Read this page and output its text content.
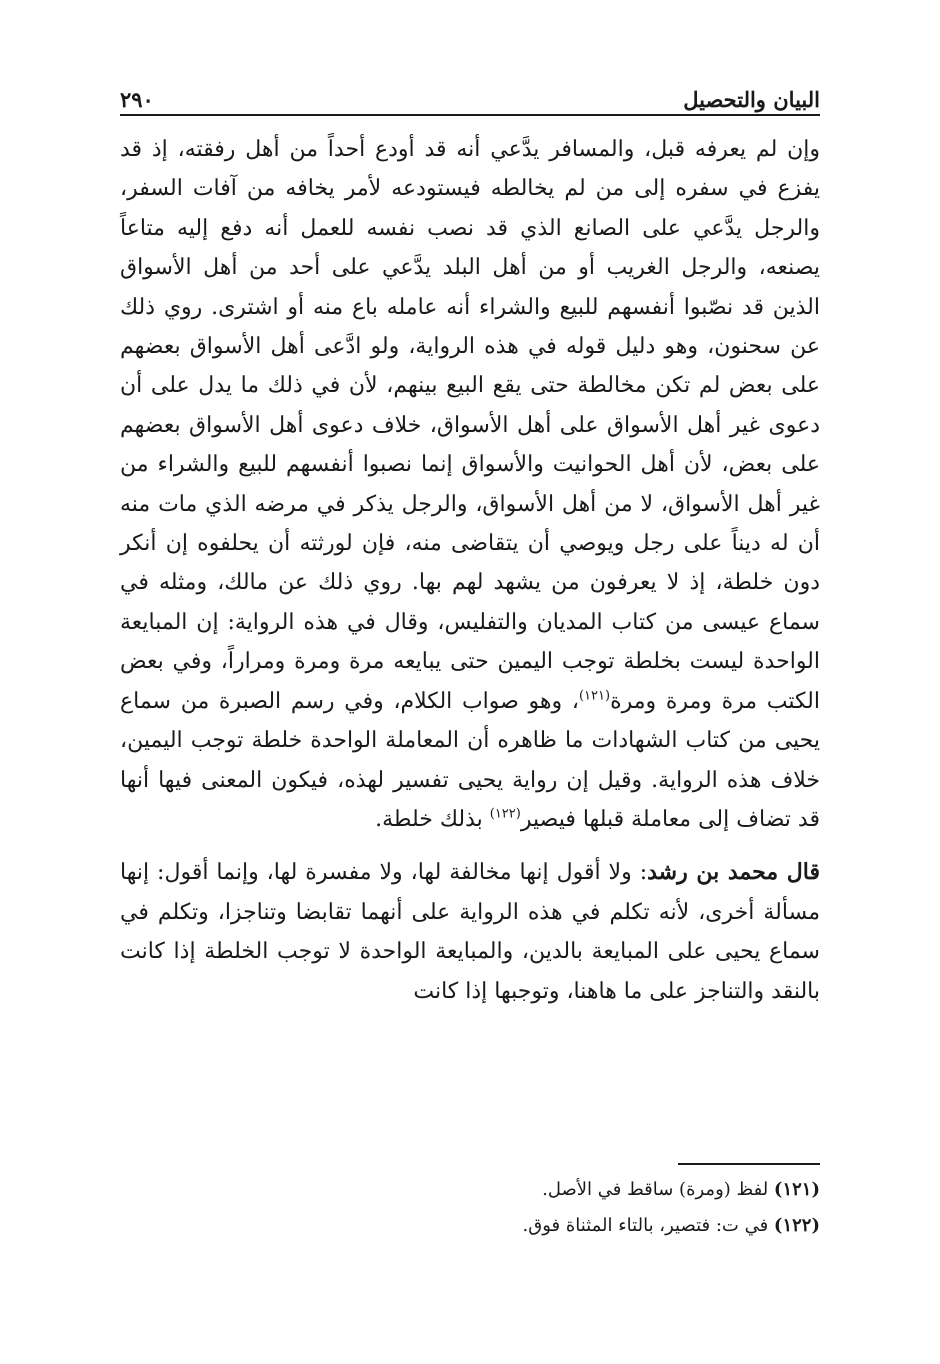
٢٩٠	البيان والتحصيل

وإن لم يعرفه قبل، والمسافر يدَّعي أنه قد أودع أحداً من أهل رفقته، إذ قد يفزع في سفره إلى من لم يخالطه فيستودعه لأمر يخافه من آفات السفر، والرجل يدَّعي على الصانع الذي قد نصب نفسه للعمل أنه دفع إليه متاعاً يصنعه، والرجل الغريب أو من أهل البلد يدَّعي على أحد من أهل الأسواق الذين قد نصّبوا أنفسهم للبيع والشراء أنه عامله باع منه أو اشترى. روي ذلك عن سحنون، وهو دليل قوله في هذه الرواية، ولو ادَّعى أهل الأسواق بعضهم على بعض لم تكن مخالطة حتى يقع البيع بينهم، لأن في ذلك ما يدل على أن دعوى غير أهل الأسواق على أهل الأسواق، خلاف دعوى أهل الأسواق بعضهم على بعض، لأن أهل الحوانيت والأسواق إنما نصبوا أنفسهم للبيع والشراء من غير أهل الأسواق، لا من أهل الأسواق، والرجل يذكر في مرضه الذي مات منه أن له ديناً على رجل ويوصي أن يتقاضى منه، فإن لورثته أن يحلفوه إن أنكر دون خلطة، إذ لا يعرفون من يشهد لهم بها. روي ذلك عن مالك، ومثله في سماع عيسى من كتاب المديان والتفليس، وقال في هذه الرواية: إن المبايعة الواحدة ليست بخلطة توجب اليمين حتى يبايعه مرة ومرة ومراراً، وفي بعض الكتب مرة ومرة ومرة$^{(١٢١)}$، وهو صواب الكلام، وفي رسم الصبرة من سماع يحيى من كتاب الشهادات ما ظاهره أن المعاملة الواحدة خلطة توجب اليمين، خلاف هذه الرواية. وقيل إن رواية يحيى تفسير لهذه، فيكون المعنى فيها أنها قد تضاف إلى معاملة قبلها فيصير$^{(١٢٢)}$ بذلك خلطة.

قال محمد بن رشد: ولا أقول إنها مخالفة لها، ولا مفسرة لها، وإنما أقول: إنها مسألة أخرى، لأنه تكلم في هذه الرواية على أنهما تقابضا وتناجزا، وتكلم في سماع يحيى على المبايعة بالدين، والمبايعة الواحدة لا توجب الخلطة إذا كانت بالنقد والتناجز على ما هاهنا، وتوجبها إذا كانت

(١٢١) لفظ (ومرة) ساقط في الأصل.
(١٢٢) في ت: فتصير، بالتاء المثناة فوق.
